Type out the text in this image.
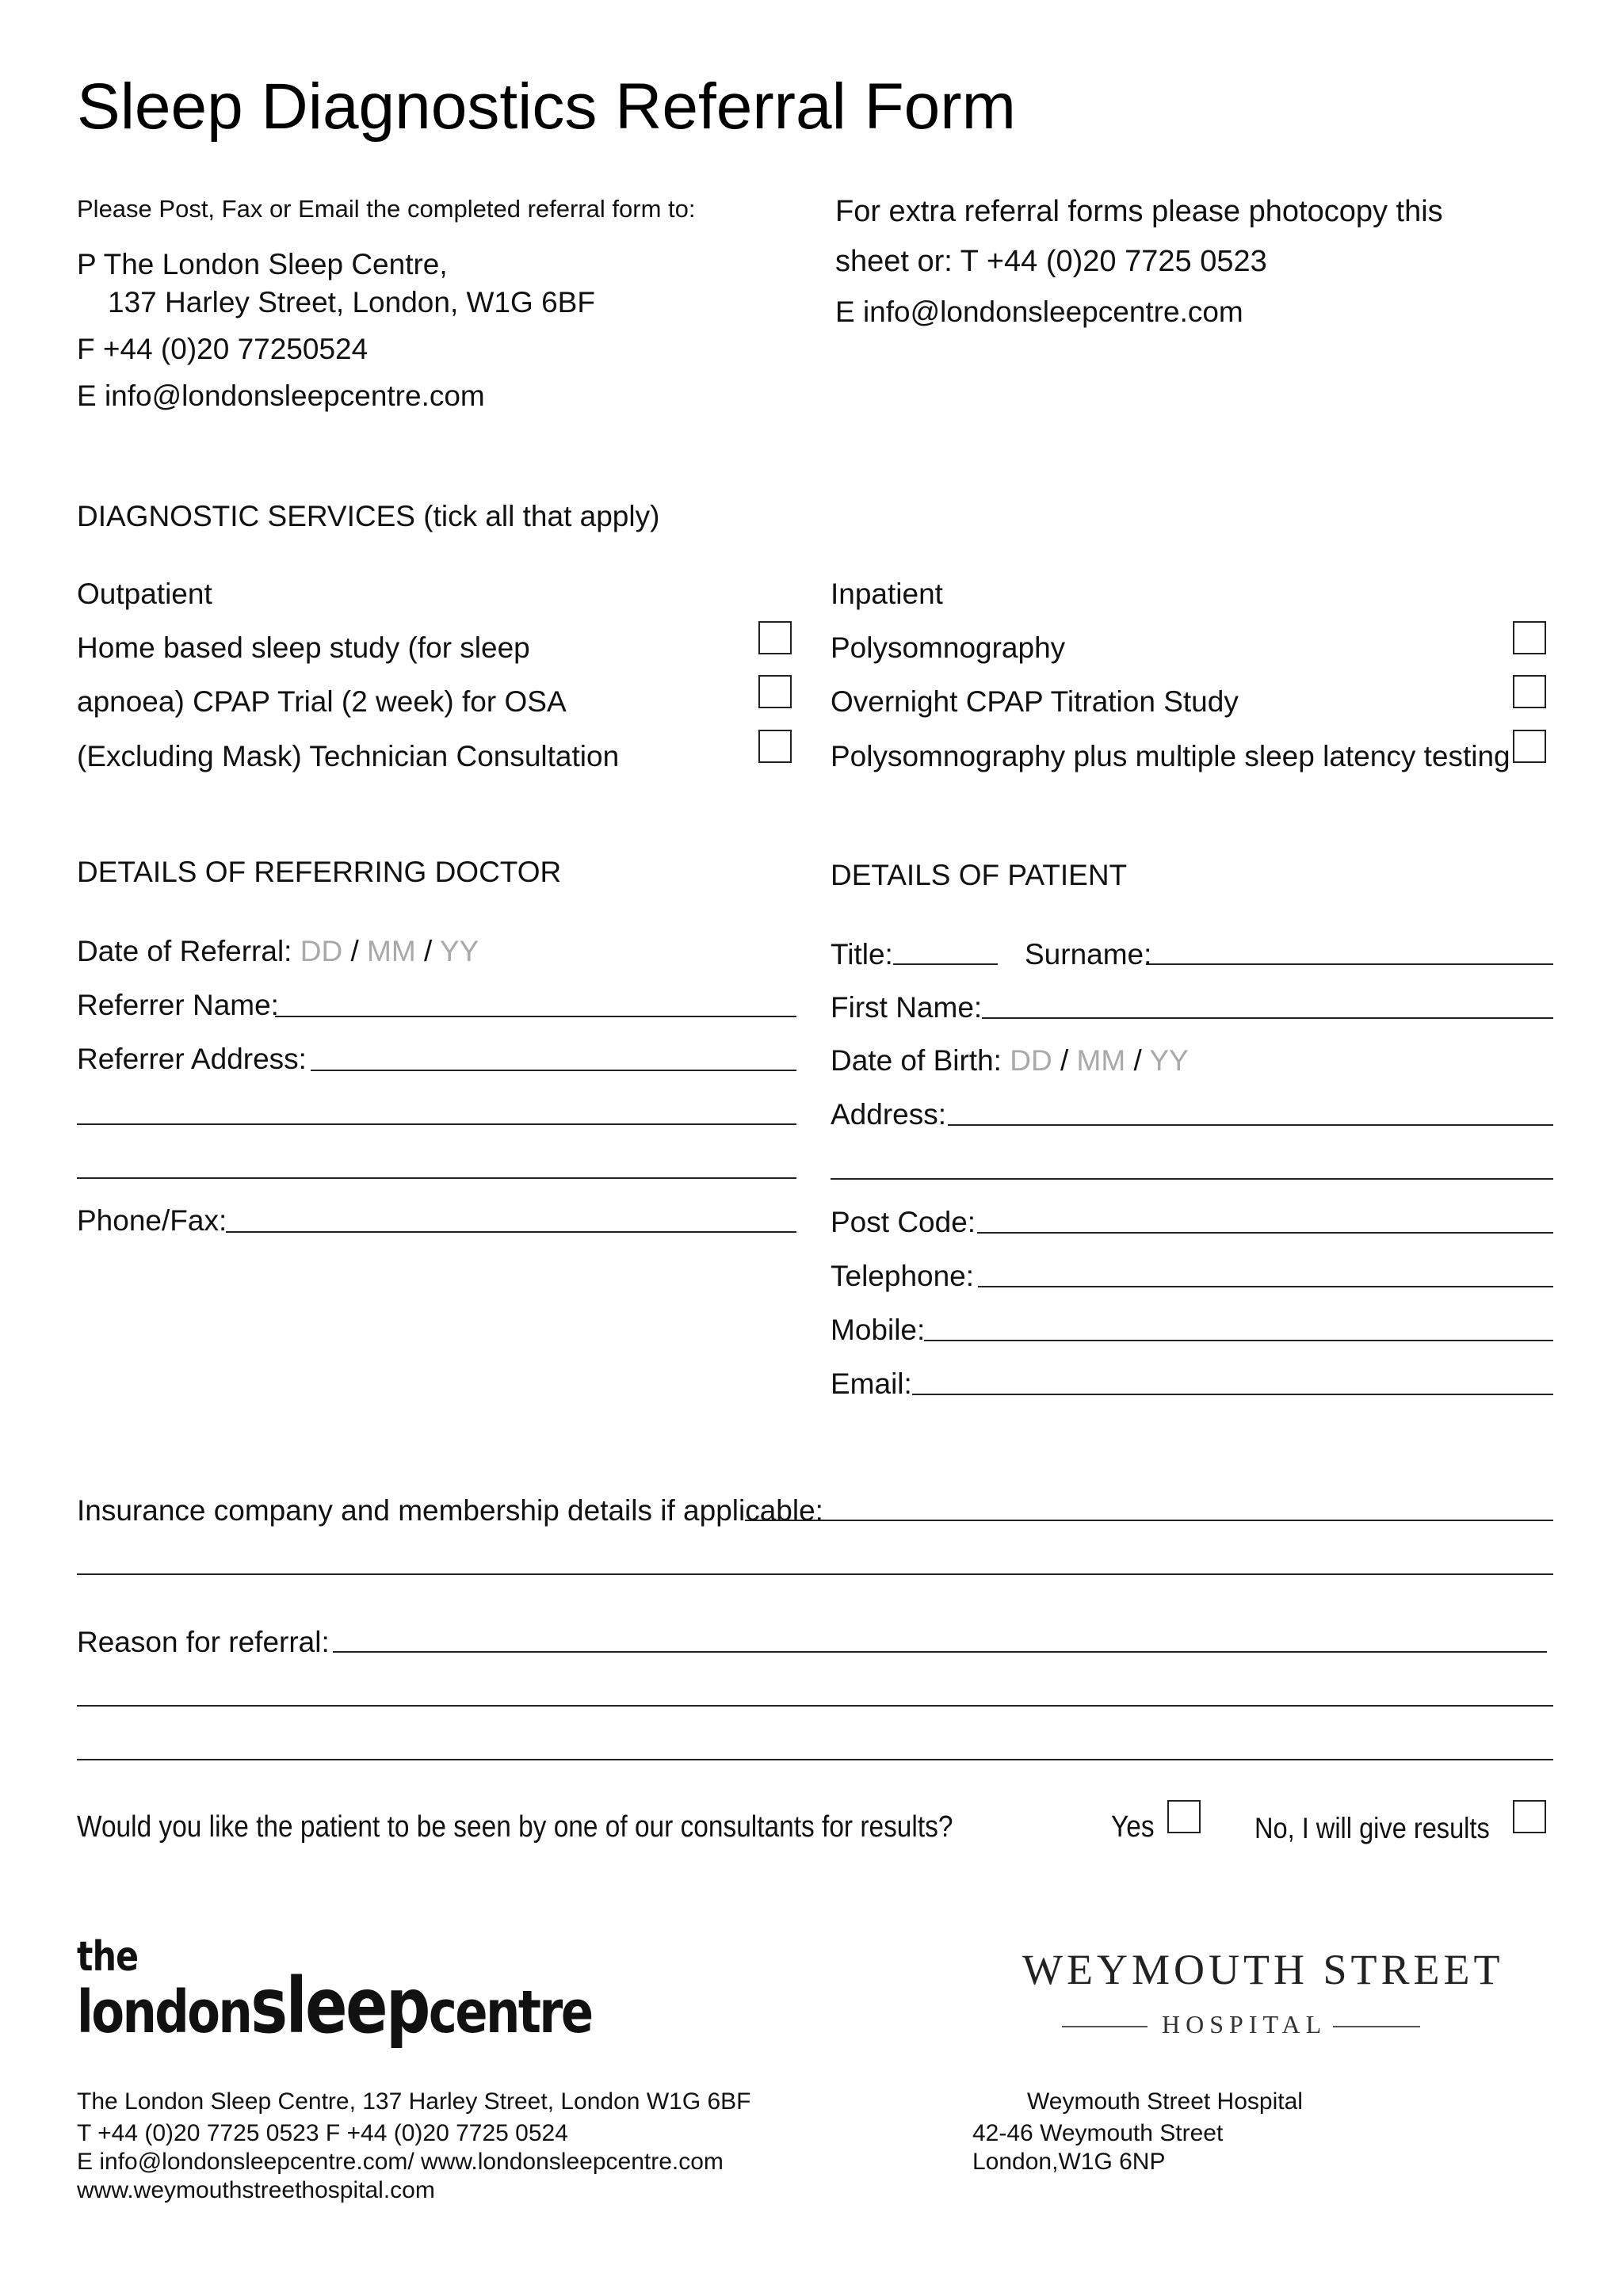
Sleep Diagnostics Referral Form
Please Post, Fax or Email the completed referral form to:
P The London Sleep Centre,
137 Harley Street, London, W1G 6BF
F +44 (0)20 77250524
E info@londonsleepcentre.com
For extra referral forms please photocopy this
sheet or: T +44 (0)20 7725 0523
E info@londonsleepcentre.com
DIAGNOSTIC SERVICES (tick all that apply)
Outpatient
Home based sleep study (for sleep
apnoea) CPAP Trial (2 week) for OSA
(Excluding Mask) Technician Consultation
Inpatient
Polysomnography
Overnight CPAP Titration Study
Polysomnography plus multiple sleep latency testing
DETAILS OF REFERRING DOCTOR
Date of Referral: DD / MM / YY
Referrer Name:
Referrer Address:
Phone/Fax:
DETAILS OF PATIENT
Title:	Surname:
First Name:
Date of Birth: DD / MM / YY
Address:
Post Code:
Telephone:
Mobile:
Email:
Insurance company and membership details if applicable:
Reason for referral:
Would you like the patient to be seen by one of our consultants for results?	Yes	No, I will give results
the
londonsleepcentre
WEYMOUTH STREET
HOSPITAL
The London Sleep Centre, 137 Harley Street, London W1G 6BF
T +44 (0)20 7725 0523 F +44 (0)20 7725 0524
E info@londonsleepcentre.com/ www.londonsleepcentre.com
www.weymouthstreethospital.com
Weymouth Street Hospital
42-46 Weymouth Street
London,W1G 6NP
